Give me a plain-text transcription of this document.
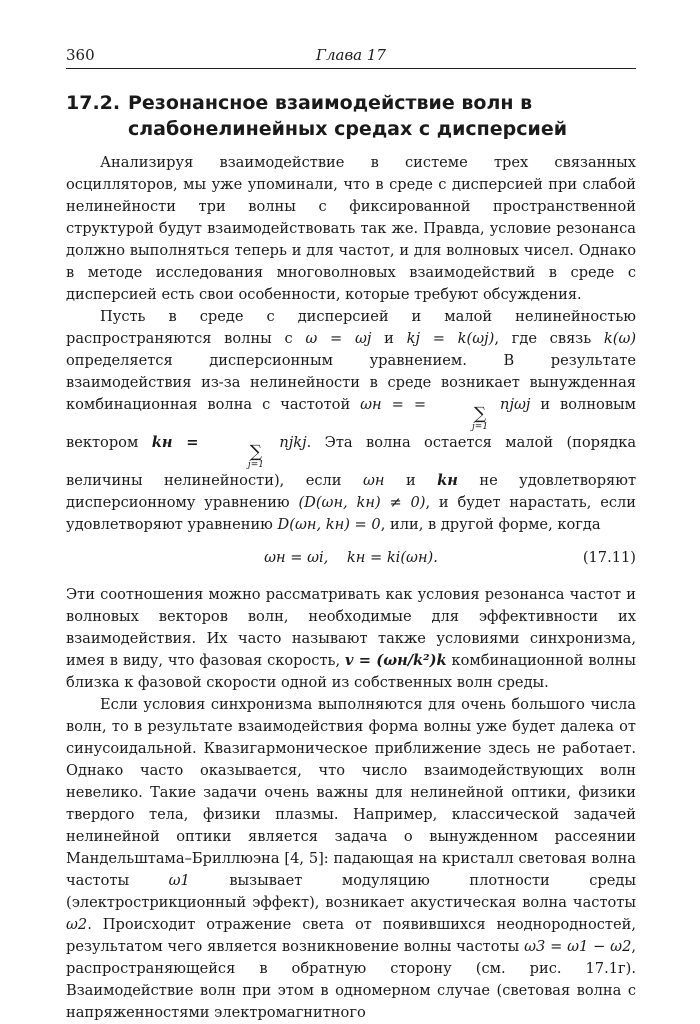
360	Глава 17
17.2. Резонансное взаимодействие волн в
слабонелинейных средах с дисперсией

Анализируя взаимодействие в системе трех связанных осцилляторов, мы уже упоминали, что в среде с дисперсией при слабой нелинейности три волны с фиксированной пространственной структурой будут взаимодействовать так же. Правда, условие резонанса должно выполняться теперь и для частот, и для волновых чисел. Однако в методе исследования многоволновых взаимодействий в среде с дисперсией есть свои особенности, которые требуют обсуждения.

Пусть в среде с дисперсией и малой нелинейностью распространяются волны с ω = ωj и kj = k(ωj), где связь k(ω) определяется дисперсионным уравнением. В результате взаимодействия из-за нелинейности в среде возникает вынужденная комбинационная волна с частотой ωн = =	∑
j=1
njωj и волновым вектором kн =	∑
j=1
njkj. Эта волна остается малой (порядка величины нелинейности), если ωн и kн не удовлетворяют дисперсионному уравнению (D(ωн, kн) ≠ 0), и будет нарастать, если удовлетворяют уравнению D(ωн, kн) = 0, или, в другой форме, когда

ωн = ωi,    kн = ki(ωн).	(17.11)

Эти соотношения можно рассматривать как условия резонанса частот и волновых векторов волн, необходимые для эффективности их взаимодействия. Их часто называют также условиями синхронизма, имея в виду, что фазовая скорость, v = (ωн/k²)k комбинационной волны близка к фазовой скорости одной из собственных волн среды.

Если условия синхронизма выполняются для очень большого числа волн, то в результате взаимодействия форма волны уже будет далека от синусоидальной. Квазигармоническое приближение здесь не работает. Однако часто оказывается, что число взаимодействующих волн невелико. Такие задачи очень важны для нелинейной оптики, физики твердого тела, физики плазмы. Например, классической задачей нелинейной оптики является задача о вынужденном рассеянии Мандельштама–Бриллюэна [4, 5]: падающая на кристалл световая волна частоты	ω1	вызывает модуляцию плотности среды (электрострикционный эффект), возникает акустическая волна частоты ω2. Происходит отражение света от появившихся неоднородностей, результатом чего является возникновение волны частоты ω3 = ω1 − ω2, распространяющейся в обратную сторону (см. рис. 17.1г). Взаимодействие волн при этом в одномерном случае (световая волна с напряженностями электромагнитного
